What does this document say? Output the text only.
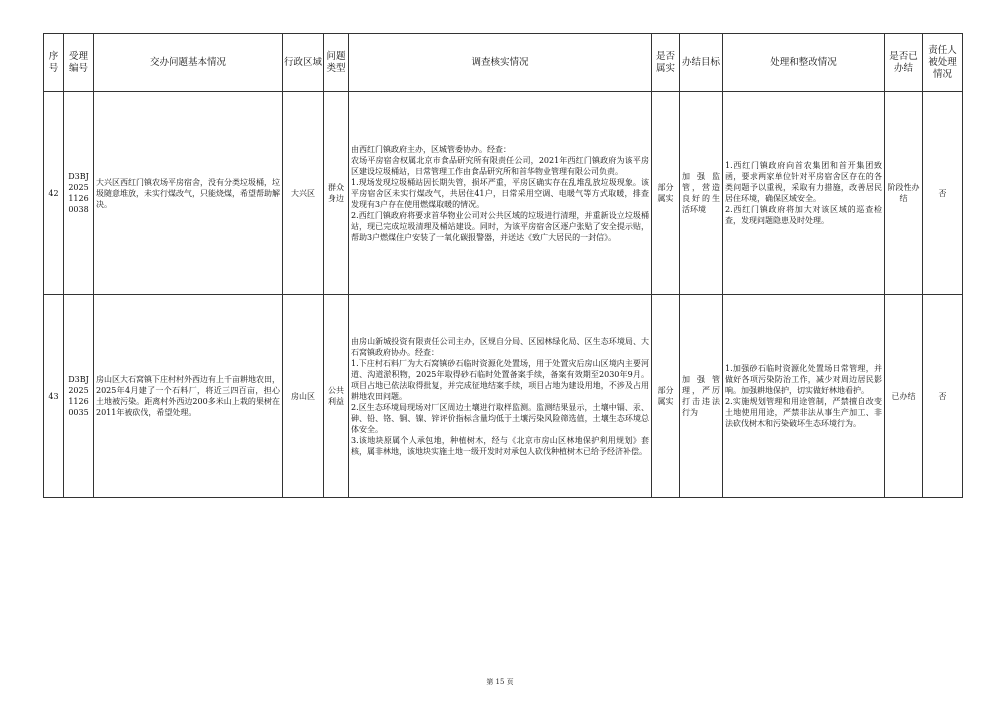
序号	受理编号	交办问题基本情况	行政区域	问题类型	调查核实情况	是否属实	办结目标	处理和整改情况	是否已办结	责任人被处理情况
42	D3BJ202511260038	大兴区西红门镇农场平房宿舍，没有分类垃圾桶，垃圾随意堆放，未实行煤改气，只能烧煤，希望帮助解决。	大兴区	群众身边	由西红门镇政府主办，区城管委协办。经查：
农场平房宿舍权属北京市食品研究所有限责任公司，2021年西红门镇政府为该平房区建设垃圾桶站，日常管理工作由食品研究所和首华物业管理有限公司负责。
1.现场发现垃圾桶站因长期失管，损坏严重，平房区确实存在乱堆乱放垃圾现象。该平房宿舍区未实行煤改气，共居住41户，日常采用空调、电暖气等方式取暖，排查发现有3户存在使用燃煤取暖的情况。
2.西红门镇政府将要求首华物业公司对公共区域的垃圾进行清理，并重新设立垃圾桶站，现已完成垃圾清理及桶站建设。同时，为该平房宿舍区逐户张贴了安全提示贴，帮助3户燃煤住户安装了一氧化碳报警器，并送达《致广大居民的一封信》。	部分属实	加强监管，营造良好的生活环境	1.西红门镇政府向首农集团和首开集团致函，要求两家单位针对平房宿舍区存在的各类问题予以重视，采取有力措施，改善居民居住环境，确保区域安全。
2.西红门镇政府将加大对该区域的巡查检查，发现问题隐患及时处理。	阶段性办结	否
43	D3BJ202511260035	房山区大石窝镇下庄村村外西边有上千亩耕地农田，2025年4月建了一个石料厂，将近三四百亩，担心土地被污染。距离村外西边200多米山上栽的果树在2011年被砍伐，希望处理。	房山区	公共利益	由房山新城投资有限责任公司主办，区规自分局、区园林绿化局、区生态环境局、大石窝镇政府协办。经查：
1.下庄村石料厂为大石窝镇砂石临时资源化处置场，用于处置灾后房山区境内主要河道、沟道淤积物，2025年取得砂石临时处置备案手续，备案有效期至2030年9月。项目占地已依法取得批复，并完成征地结案手续，项目占地为建设用地，不涉及占用耕地农田问题。
2.区生态环境局现场对厂区周边土壤进行取样监测。监测结果显示，土壤中镉、汞、砷、铅、铬、铜、镍、锌评价指标含量均低于土壤污染风险筛选值，土壤生态环境总体安全。
3.该地块原属个人承包地，种植树木，经与《北京市房山区林地保护利用规划》套核，属非林地，该地块实施土地一级开发时对承包人砍伐种植树木已给予经济补偿。	部分属实	加强管理，严厉打击违法行为	1.加强砂石临时资源化处置场日常管理，并做好各项污染防治工作，减少对周边居民影响。加强耕地保护，切实做好林地看护。
2.实施规划管理和用途管制，严禁擅自改变土地使用用途，严禁非法从事生产加工、非法砍伐树木和污染破坏生态环境行为。	已办结	否
第 15 页
